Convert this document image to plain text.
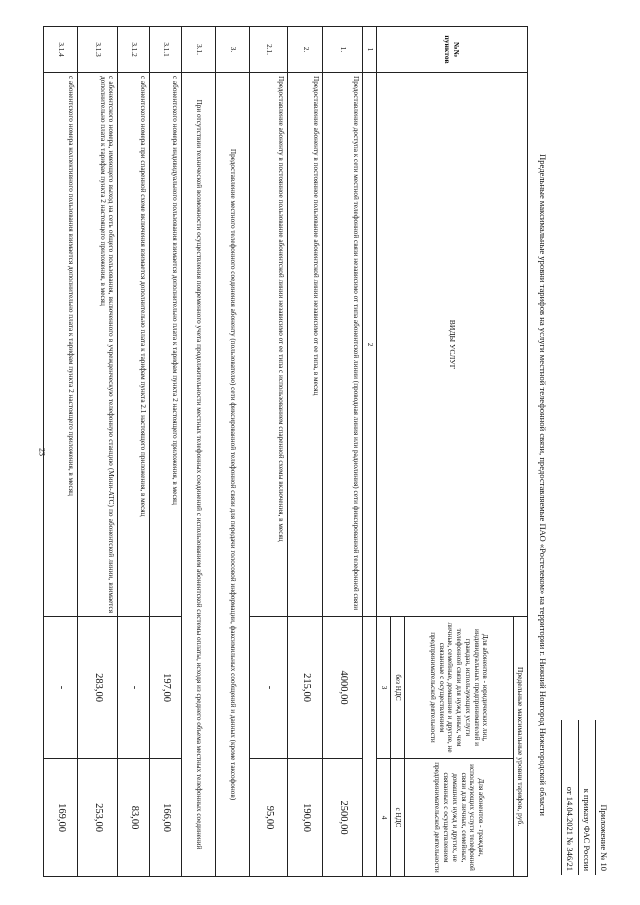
23
Приложение № 10
к приказу ФАС России
от 14.04.2021 № 346/21
Предельные максимальные уровни тарифов на услуги местной телефонной связи, предоставляемые ПАО «Ростелеком» на территории г. Нижний Новгород Нижегородской области
№№ пунктов	ВИДЫ УСЛУГ	Предельные максимальные уровни тарифов, руб.	
		Для абонентов - юридических лиц, индивидуальных предпринимателей и граждан, использующих услуги телефонной связи для нужд иных, чем личные, семейные, домашние и другие, не связанные с осуществлением предпринимательской деятельности	Для абонентов - граждан, использующих услуги телефонной связи для личных, семейных, домашних нужд и других, не связанных с осуществлением предпринимательской деятельности
		без НДС	с НДС
		3	4
1	2		
1.	Предоставление доступа к сети местной телефонной связи независимо от типа абонентской линии (проводная линия или радиолиния) сети фиксированной телефонной связи	4000,00	2500,00
2.	Предоставление абоненту в постоянное пользование абонентской линии независимо от ее типа, в месяц	215,00	190,00
2.1.	Предоставление абоненту в постоянное пользование абонентской линии независимо от ее типа с использованием спаренной схемы включения, в месяц	-	95,00
3.	Предоставление местного телефонного соединения абоненту (пользователю) сети фиксированной телефонной связи для передачи голосовой информации, факсимильных сообщений и данных (кроме таксофонов)		
3.1.	При отсутствии технической возможности осуществления повременного учета продолжительности местных телефонных соединений с использованием абонентской системы оплаты, исходя из среднего объема местных телефонных соединений		
3.1.1	с абонентского номера индивидуального пользования взимается дополнительно плата к тарифам пункта 2 настоящего приложения, в месяц	197,00	166,00
3.1.2	с абонентского номера при спаренной схеме включения взимается дополнительно плата к тарифам пункта 2.1 настоящего приложения, в месяц	-	83,00
3.1.3	с абонентского номера, имеющего выход на сеть общего пользования, включенного в учрежденческую телефонную станцию (Мини-АТС) по абонентской линии, взимается дополнительно плата к тарифам пункта 2 настоящего приложения, в месяц	283,00	253,00
3.1.4	с абонентского номера коллективного пользования взимается дополнительно плата к тарифам пункта 2 настоящего приложения, в месяц	-	169,00
